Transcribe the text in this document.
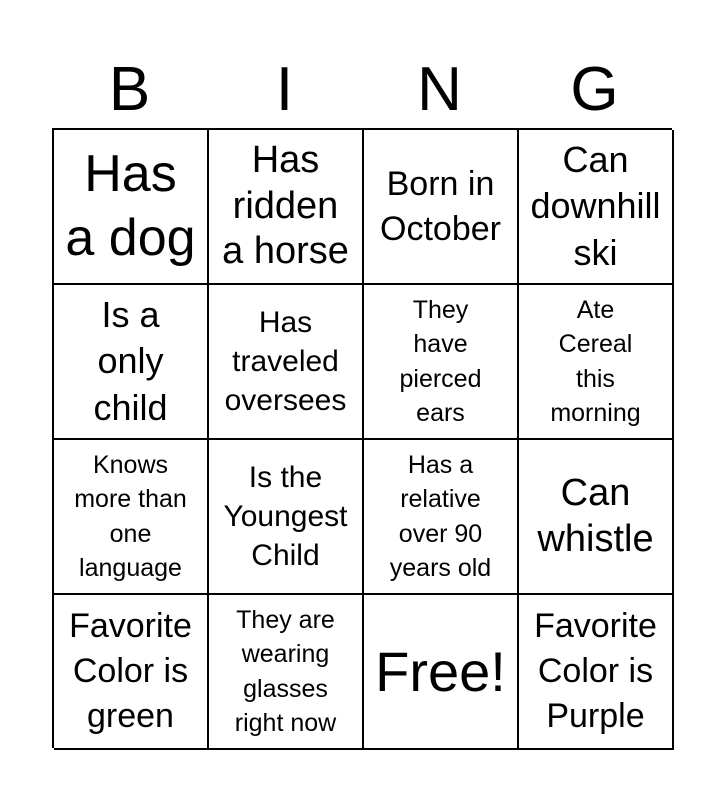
B	I	N	G
Has
a dog
Has
ridden
a horse
Born in
October
Can
downhill
ski
Is a
only
child
Has
traveled
oversees
They
have
pierced
ears
Ate
Cereal
this
morning
Knows
more than
one
language
Is the
Youngest
Child
Has a
relative
over 90
years old
Can
whistle
Favorite
Color is
green
They are
wearing
glasses
right now
Free!
Favorite
Color is
Purple
